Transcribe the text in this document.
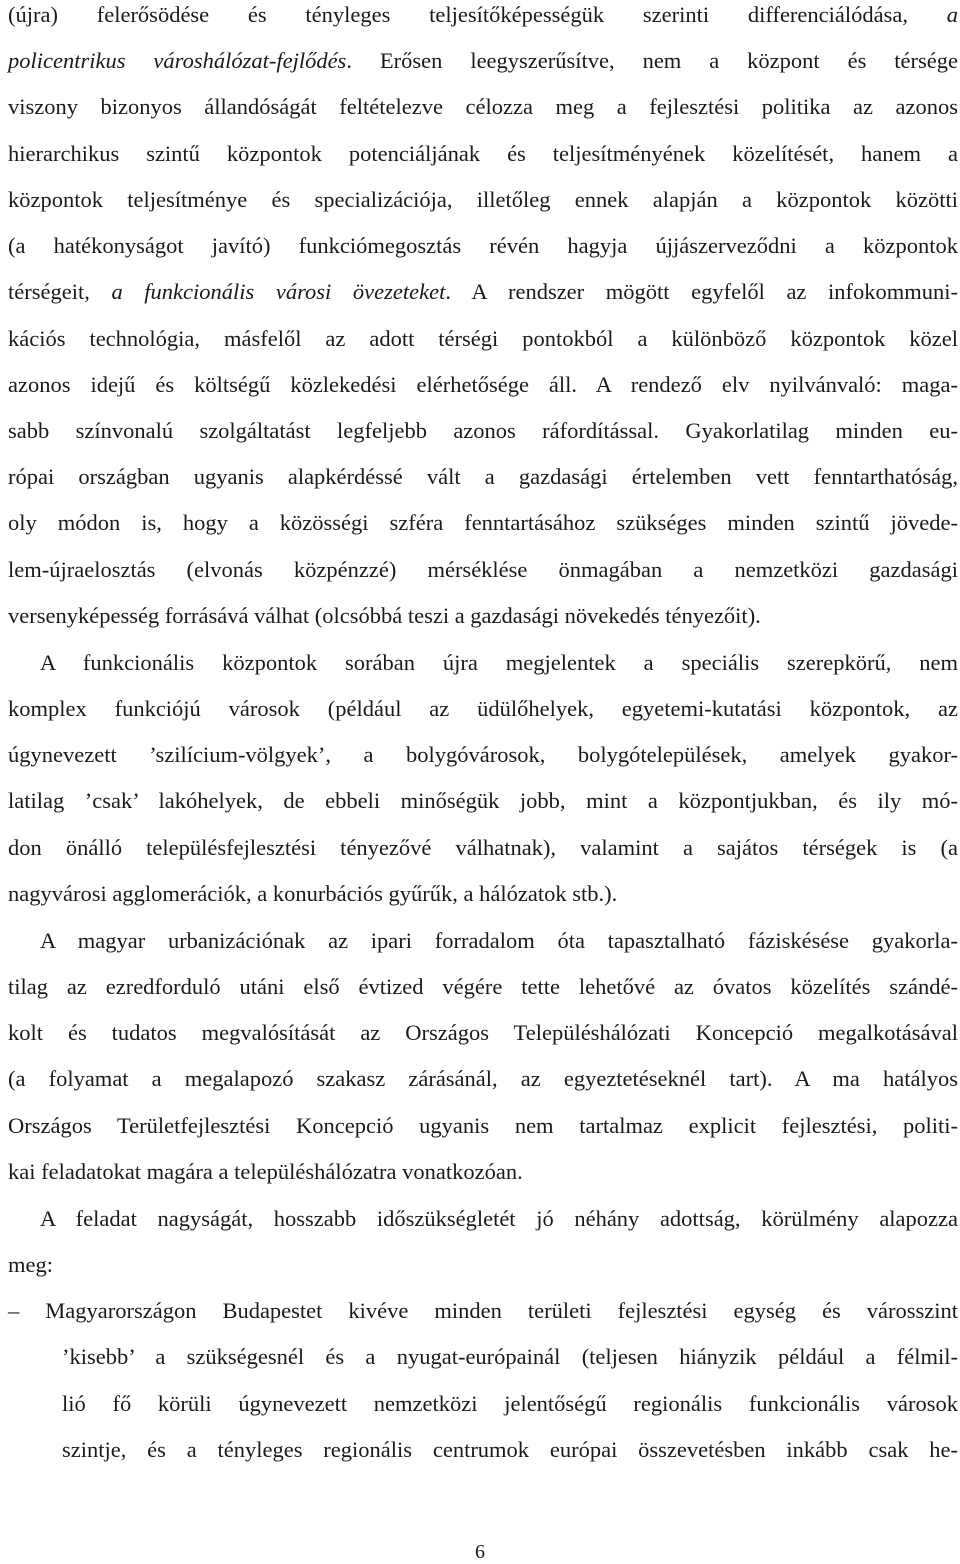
(újra) felerősödése és tényleges teljesítőképességük szerinti differenciálódása, a
policentrikus városhálózat-fejlődés. Erősen leegyszerűsítve, nem a központ és térsége
viszony bizonyos állandóságát feltételezve célozza meg a fejlesztési politika az azonos
hierarchikus szintű központok potenciáljának és teljesítményének közelítését, hanem a
központok teljesítménye és specializációja, illetőleg ennek alapján a központok közötti
(a hatékonyságot javító) funkciómegosztás révén hagyja újjászerveződni a központok
térségeit, a funkcionális városi övezeteket. A rendszer mögött egyfelől az infokommuni-
kációs technológia, másfelől az adott térségi pontokból a különböző központok közel
azonos idejű és költségű közlekedési elérhetősége áll. A rendező elv nyilvánvaló: maga-
sabb színvonalú szolgáltatást legfeljebb azonos ráfordítással. Gyakorlatilag minden eu-
rópai országban ugyanis alapkérdéssé vált a gazdasági értelemben vett fenntarthatóság,
oly módon is, hogy a közösségi szféra fenntartásához szükséges minden szintű jövede-
lem-újraelosztás (elvonás közpénzzé) mérséklése önmagában a nemzetközi gazdasági
versenyképesség forrásává válhat (olcsóbbá teszi a gazdasági növekedés tényezőit).
A funkcionális központok sorában újra megjelentek a speciális szerepkörű, nem
komplex funkciójú városok (például az üdülőhelyek, egyetemi-kutatási központok, az
úgynevezett ’szilícium-völgyek’, a bolygóvárosok, bolygótelepülések, amelyek gyakor-
latilag ’csak’ lakóhelyek, de ebbeli minőségük jobb, mint a központjukban, és ily mó-
don önálló településfejlesztési tényezővé válhatnak), valamint a sajátos térségek is (a
nagyvárosi agglomerációk, a konurbációs gyűrűk, a hálózatok stb.).
A magyar urbanizációnak az ipari forradalom óta tapasztalható fáziskésése gyakorla-
tilag az ezredforduló utáni első évtized végére tette lehetővé az óvatos közelítés szándé-
kolt és tudatos megvalósítását az Országos Településhálózati Koncepció megalkotásával
(a folyamat a megalapozó szakasz zárásánál, az egyeztetéseknél tart). A ma hatályos
Országos Területfejlesztési Koncepció ugyanis nem tartalmaz explicit fejlesztési, politi-
kai feladatokat magára a településhálózatra vonatkozóan.
A feladat nagyságát, hosszabb időszükségletét jó néhány adottság, körülmény alapozza
meg:
– Magyarországon Budapestet kivéve minden területi fejlesztési egység és városszint
’kisebb’ a szükségesnél és a nyugat-európainál (teljesen hiányzik például a félmil-
lió fő körüli úgynevezett nemzetközi jelentőségű regionális funkcionális városok
szintje, és a tényleges regionális centrumok európai összevetésben inkább csak he-
6
